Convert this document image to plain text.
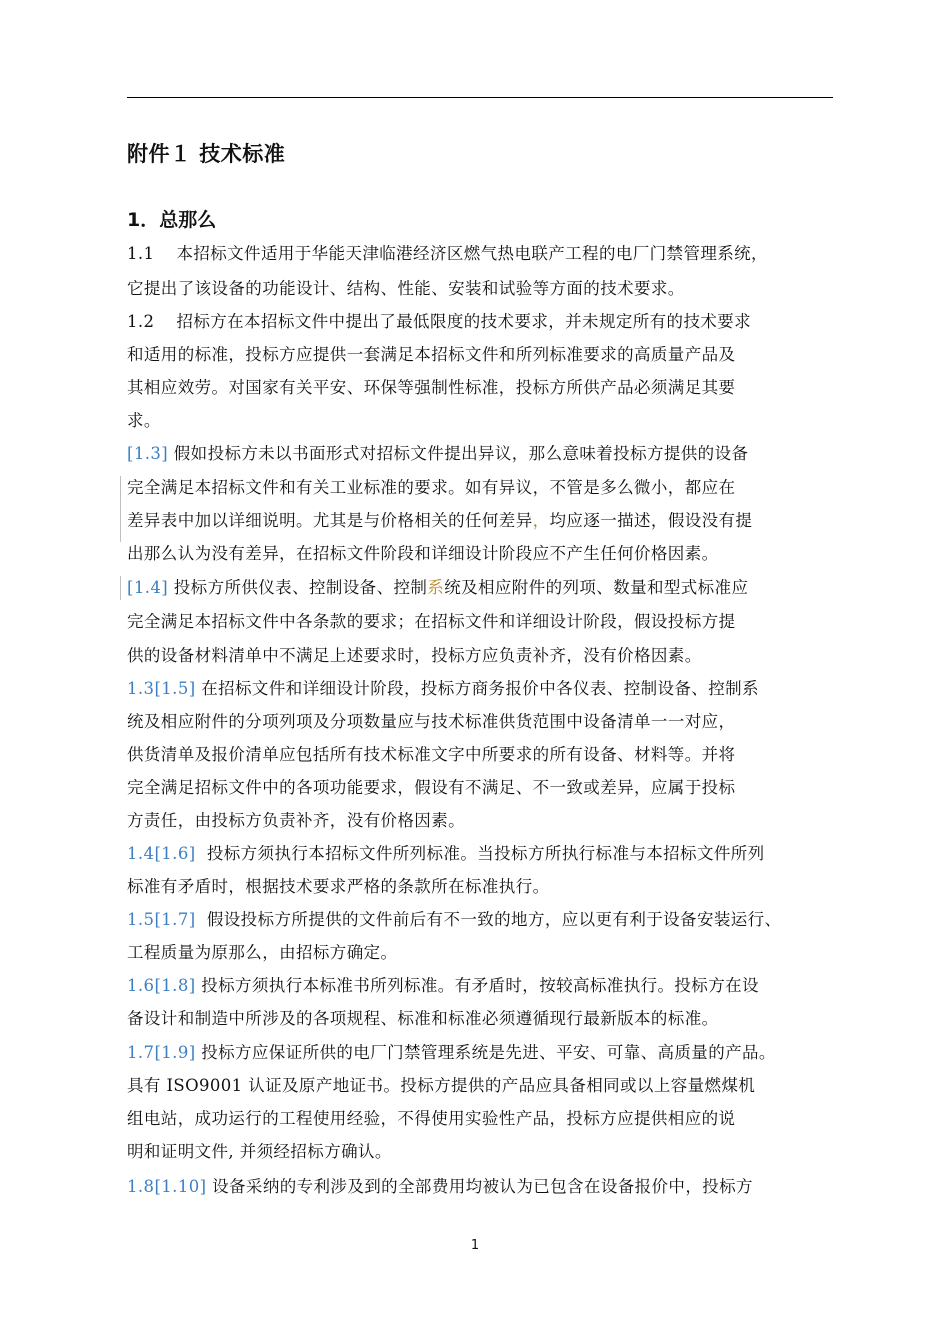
附件１ 技术标准
1．总那么
1.1 本招标文件适用于华能天津临港经济区燃气热电联产工程的电厂门禁管理系统，
它提出了该设备的功能设计、结构、性能、安装和试验等方面的技术要求。
1.2 招标方在本招标文件中提出了最低限度的技术要求，并未规定所有的技术要求
和适用的标准，投标方应提供一套满足本招标文件和所列标准要求的高质量产品及
其相应效劳。对国家有关平安、环保等强制性标准，投标方所供产品必须满足其要
求。
[1.3] 假如投标方未以书面形式对招标文件提出异议，那么意味着投标方提供的设备
完全满足本招标文件和有关工业标准的要求。如有异议，不管是多么微小，都应在
差异表中加以详细说明。尤其是与价格相关的任何差异，均应逐一描述，假设没有提
出那么认为没有差异，在招标文件阶段和详细设计阶段应不产生任何价格因素。
[1.4] 投标方所供仪表、控制设备、控制系统及相应附件的列项、数量和型式标准应
完全满足本招标文件中各条款的要求；在招标文件和详细设计阶段，假设投标方提
供的设备材料清单中不满足上述要求时，投标方应负责补齐，没有价格因素。
1.3[1.5] 在招标文件和详细设计阶段，投标方商务报价中各仪表、控制设备、控制系
统及相应附件的分项列项及分项数量应与技术标准供货范围中设备清单一一对应，
供货清单及报价清单应包括所有技术标准文字中所要求的所有设备、材料等。并将
完全满足招标文件中的各项功能要求，假设有不满足、不一致或差异，应属于投标
方责任，由投标方负责补齐，没有价格因素。
1.4[1.6]  投标方须执行本招标文件所列标准。当投标方所执行标准与本招标文件所列
标准有矛盾时，根据技术要求严格的条款所在标准执行。
1.5[1.7]  假设投标方所提供的文件前后有不一致的地方，应以更有利于设备安装运行、
工程质量为原那么，由招标方确定。
1.6[1.8] 投标方须执行本标准书所列标准。有矛盾时，按较高标准执行。投标方在设
备设计和制造中所涉及的各项规程、标准和标准必须遵循现行最新版本的标准。
1.7[1.9] 投标方应保证所供的电厂门禁管理系统是先进、平安、可靠、高质量的产品。
具有 ISO9001 认证及原产地证书。投标方提供的产品应具备相同或以上容量燃煤机
组电站，成功运行的工程使用经验，不得使用实验性产品，投标方应提供相应的说
明和证明文件, 并须经招标方确认。
1.8[1.10] 设备采纳的专利涉及到的全部费用均被认为已包含在设备报价中，投标方
1
